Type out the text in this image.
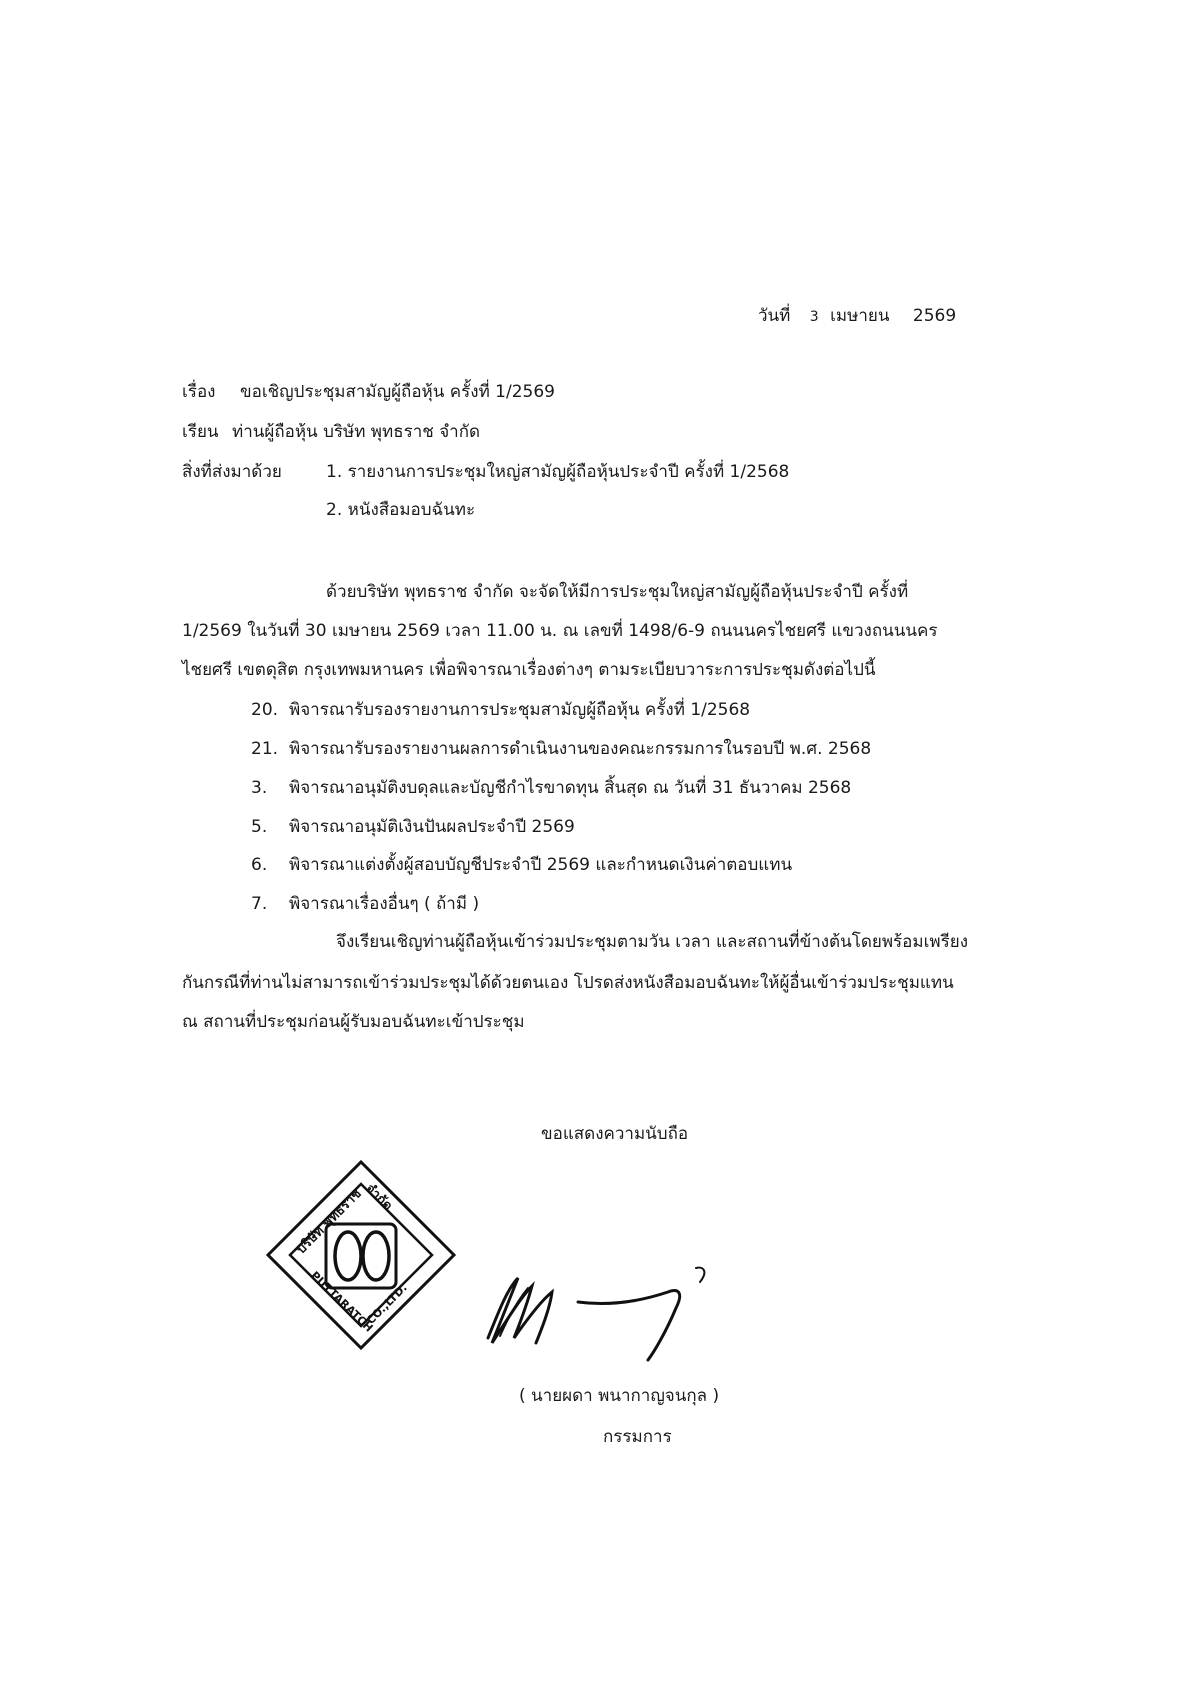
วันที่ 3 เมษายน 2569
เรื่อง ขอเชิญประชุมสามัญผู้ถือหุ้น ครั้งที่ 1/2569
เรียน ท่านผู้ถือหุ้น บริษัท พุทธราช จำกัด
สิ่งที่ส่งมาด้วย	1. รายงานการประชุมใหญ่สามัญผู้ถือหุ้นประจำปี ครั้งที่ 1/2568
2. หนังสือมอบฉันทะ
ด้วยบริษัท พุทธราช จำกัด จะจัดให้มีการประชุมใหญ่สามัญผู้ถือหุ้นประจำปี ครั้งที่
1/2569 ในวันที่ 30 เมษายน 2569 เวลา 11.00 น. ณ เลขที่ 1498/6-9 ถนนนครไชยศรี แขวงถนนนคร
ไชยศรี เขตดุสิต กรุงเทพมหานคร เพื่อพิจารณาเรื่องต่างๆ ตามระเบียบวาระการประชุมดังต่อไปนี้
20. พิจารณารับรองรายงานการประชุมสามัญผู้ถือหุ้น ครั้งที่ 1/2568
21. พิจารณารับรองรายงานผลการดำเนินงานของคณะกรรมการในรอบปี พ.ศ. 2568
3. พิจารณาอนุมัติงบดุลและบัญชีกำไรขาดทุน สิ้นสุด ณ วันที่ 31 ธันวาคม 2568
5. พิจารณาอนุมัติเงินปันผลประจำปี 2569
6. พิจารณาแต่งตั้งผู้สอบบัญชีประจำปี 2569 และกำหนดเงินค่าตอบแทน
7. พิจารณาเรื่องอื่นๆ ( ถ้ามี )
จึงเรียนเชิญท่านผู้ถือหุ้นเข้าร่วมประชุมตามวัน เวลา และสถานที่ข้างต้นโดยพร้อมเพรียง
กันกรณีที่ท่านไม่สามารถเข้าร่วมประชุมได้ด้วยตนเอง โปรดส่งหนังสือมอบฉันทะให้ผู้อื่นเข้าร่วมประชุมแทน
ณ สถานที่ประชุมก่อนผู้รับมอบฉันทะเข้าประชุม
ขอแสดงความนับถือ
บริษัท พุทธราช จำกัด
PUTTARATCH CO.,LTD.
( นายผดา พนากาญจนกุล )
กรรมการ
